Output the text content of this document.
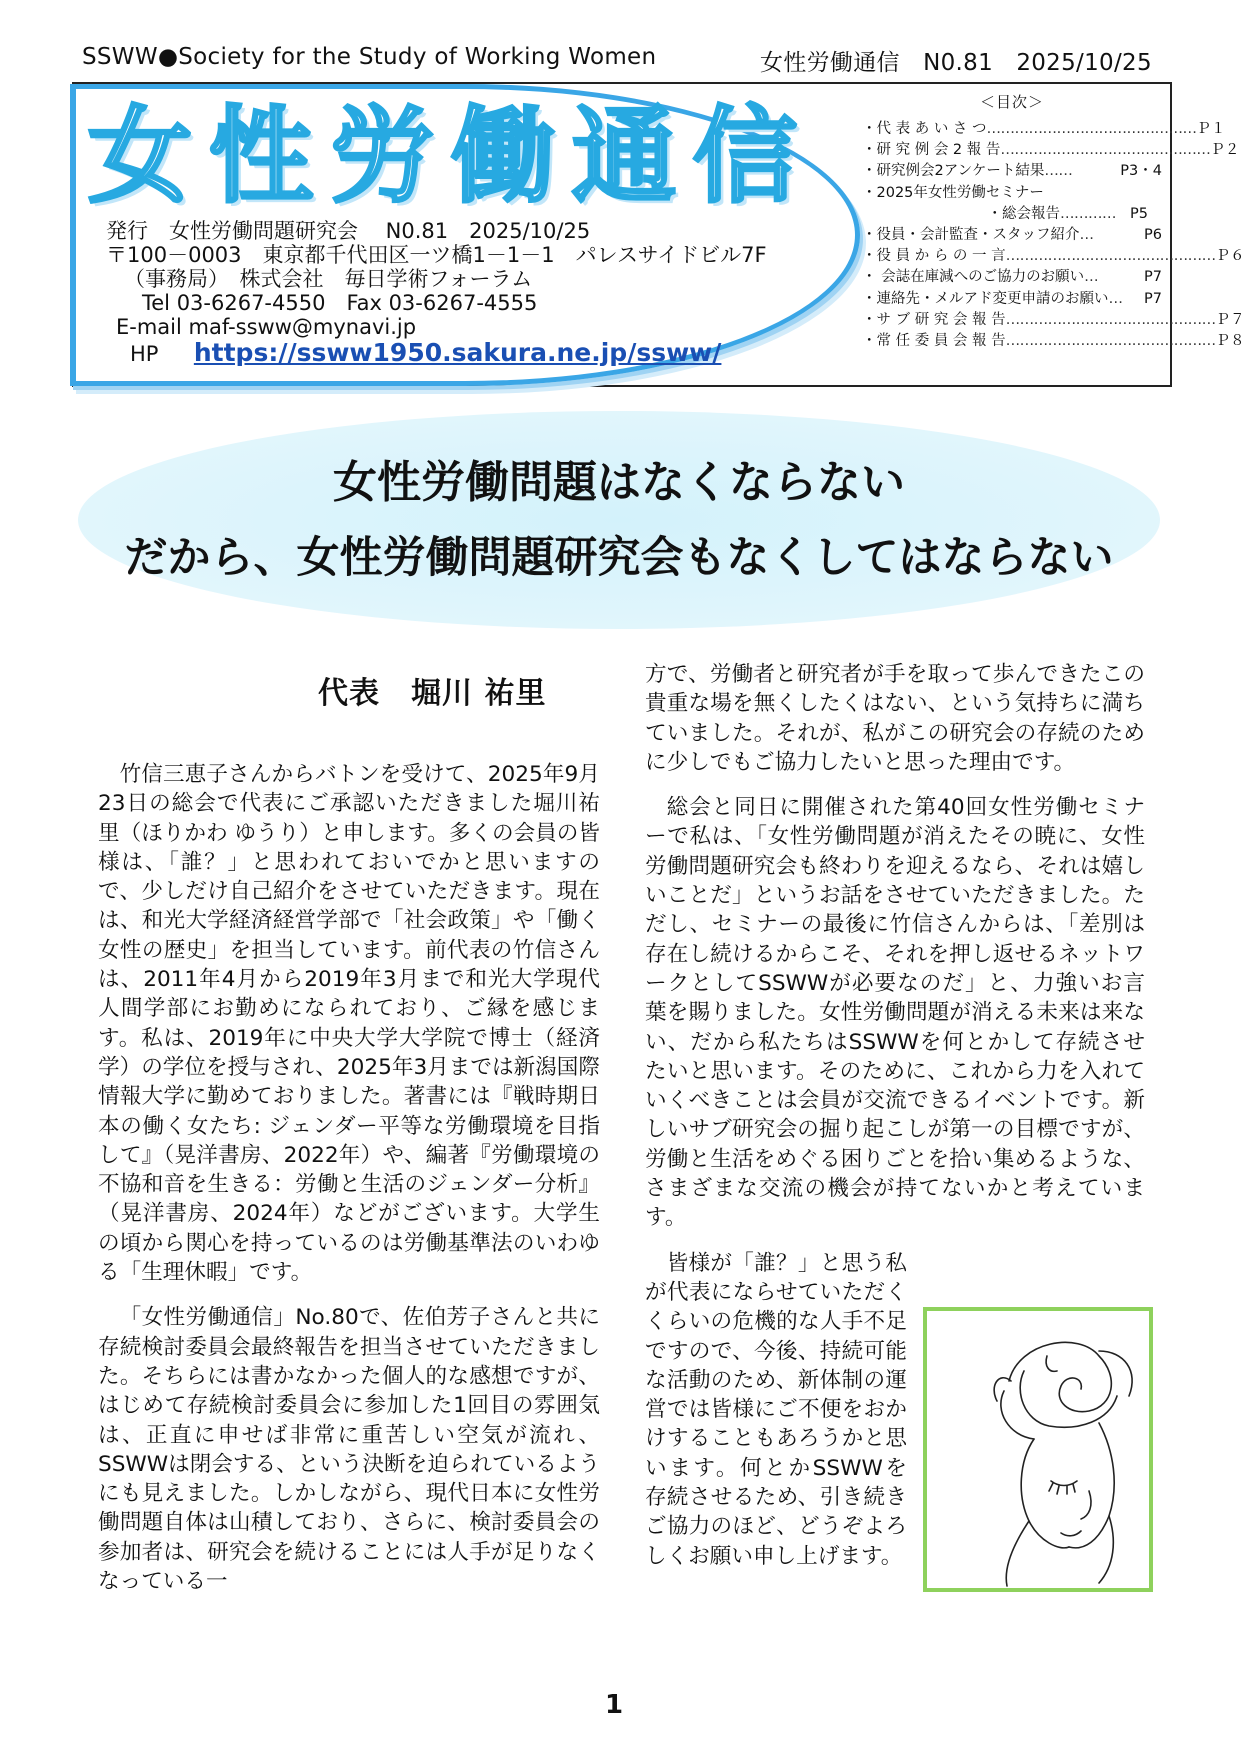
SSWW●Society for the Study of Working Women	女性労働通信　N0.81　2025/10/25
女性労働通信
発行　女性労働問題研究会　 N0.81　2025/10/25
〒100－0003　東京都千代田区一ツ橋1－1－1　パレスサイドビル7F
（事務局）　株式会社　毎日学術フォーラム
Tel 03-6267-4550　Fax 03-6267-4555
E-mail maf-ssww@mynavi.jp
HP https://ssww1950.sakura.ne.jp/ssww/
＜目次＞
・代 表 あ い さ つ ……………………………………… Ｐ１
・研 究 例 会 2 報 告 ……………………………………… Ｐ２
・研究例会2アンケート結果 ……	P3・4
・2025年女性労働セミナー
・総会報告 ………… P5
・役員・会計監査・スタッフ紹介 …	P6
・役 員 か ら の 一 言 ……………………………………… Ｐ６
・ 会誌在庫減へのご協力のお願い …	P7
・連絡先・メルアド変更申請のお願い …	P7
・サ ブ 研 究 会 報 告 ……………………………………… Ｐ７
・常 任 委 員 会 報 告 ……………………………………… Ｐ８
女性労働問題はなくならない
だから、女性労働問題研究会もなくしてはならない
代表　堀川 祐里

竹信三恵子さんからバトンを受けて、2025年9月23日の総会で代表にご承認いただきました堀川祐里（ほりかわ ゆうり）と申します。多くの会員の皆様は、「誰？」と思われておいでかと思いますので、少しだけ自己紹介をさせていただきます。現在は、和光大学経済経営学部で「社会政策」や「働く女性の歴史」を担当しています。前代表の竹信さんは、2011年4月から2019年3月まで和光大学現代人間学部にお勤めになられており、ご縁を感じます。私は、2019年に中央大学大学院で博士（経済学）の学位を授与され、2025年3月までは新潟国際情報大学に勤めておりました。著書には『戦時期日本の働く女たち: ジェンダー平等な労働環境を目指して』（晃洋書房、2022年）や、編著『労働環境の不協和音を生きる：労働と生活のジェンダー分析』（晃洋書房、2024年）などがございます。大学生の頃から関心を持っているのは労働基準法のいわゆる「生理休暇」です。

「女性労働通信」No.80で、佐伯芳子さんと共に存続検討委員会最終報告を担当させていただきました。そちらには書かなかった個人的な感想ですが、はじめて存続検討委員会に参加した1回目の雰囲気は、正直に申せば非常に重苦しい空気が流れ、SSWWは閉会する、という決断を迫られているようにも見えました。しかしながら、現代日本に女性労働問題自体は山積しており、さらに、検討委員会の参加者は、研究会を続けることには人手が足りなくなっている一

方で、労働者と研究者が手を取って歩んできたこの貴重な場を無くしたくはない、という気持ちに満ちていました。それが、私がこの研究会の存続のために少しでもご協力したいと思った理由です。

総会と同日に開催された第40回女性労働セミナーで私は、「女性労働問題が消えたその暁に、女性労働問題研究会も終わりを迎えるなら、それは嬉しいことだ」というお話をさせていただきました。ただし、セミナーの最後に竹信さんからは、「差別は存在し続けるからこそ、それを押し返せるネットワークとしてSSWWが必要なのだ」と、力強いお言葉を賜りました。女性労働問題が消える未来は来ない、だから私たちはSSWWを何とかして存続させたいと思います。そのために、これから力を入れていくべきことは会員が交流できるイベントです。新しいサブ研究会の掘り起こしが第一の目標ですが、労働と生活をめぐる困りごとを拾い集めるような、さまざまな交流の機会が持てないかと考えています。

皆様が「誰？」と思う私が代表にならせていただくくらいの危機的な人手不足ですので、今後、持続可能な活動のため、新体制の運営では皆様にご不便をおかけすることもあろうかと思います。何とかSSWWを存続させるため、引き続きご協力のほど、どうぞよろしくお願い申し上げます。

1
